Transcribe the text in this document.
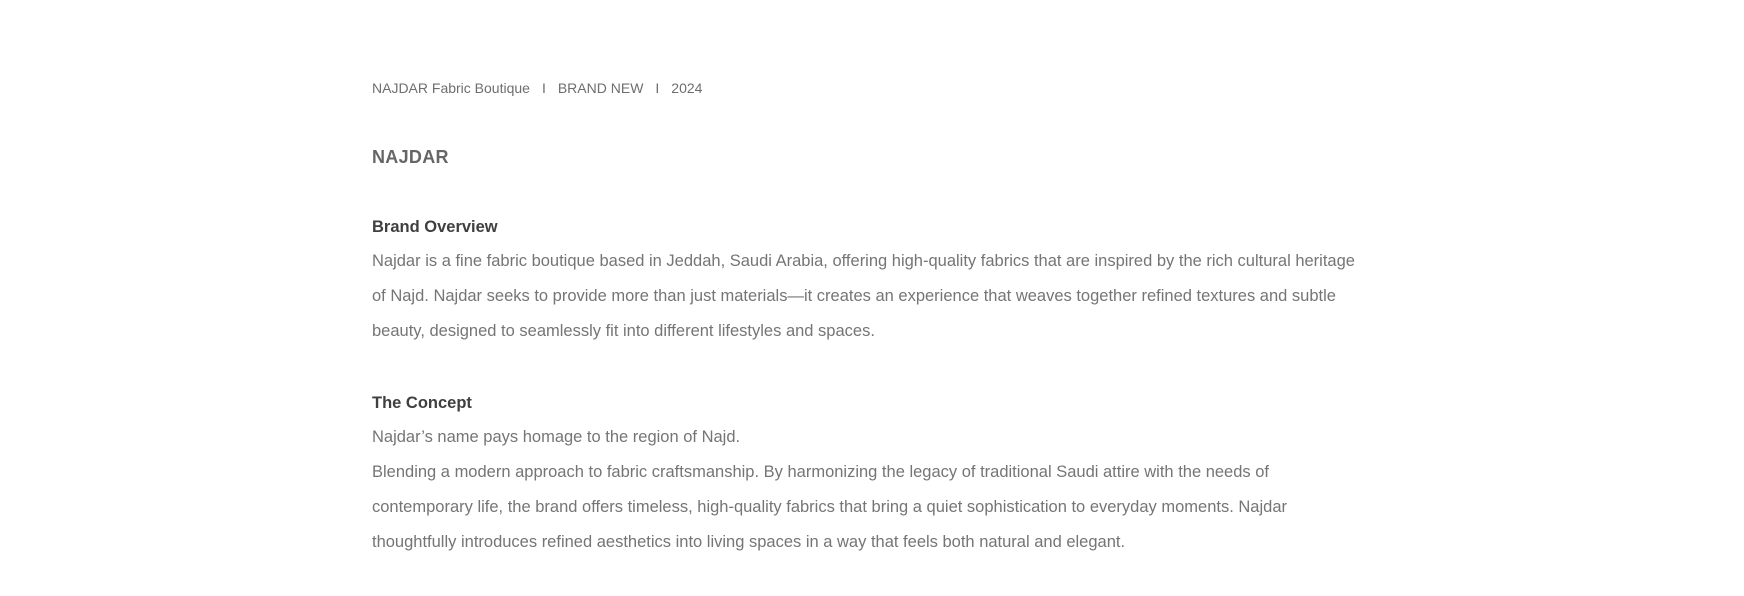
NAJDAR Fabric Boutique I BRAND NEW I 2024
NAJDAR
Brand Overview

Najdar is a fine fabric boutique based in Jeddah, Saudi Arabia, offering high-quality fabrics that are inspired by the rich cultural heritage of Najd. Najdar seeks to provide more than just materials—it creates an experience that weaves together refined textures and subtle beauty, designed to seamlessly fit into different lifestyles and spaces.

The Concept

Najdar’s name pays homage to the region of Najd.

Blending a modern approach to fabric craftsmanship. By harmonizing the legacy of traditional Saudi attire with the needs of contemporary life, the brand offers timeless, high-quality fabrics that bring a quiet sophistication to everyday moments. Najdar thoughtfully introduces refined aesthetics into living spaces in a way that feels both natural and elegant.
